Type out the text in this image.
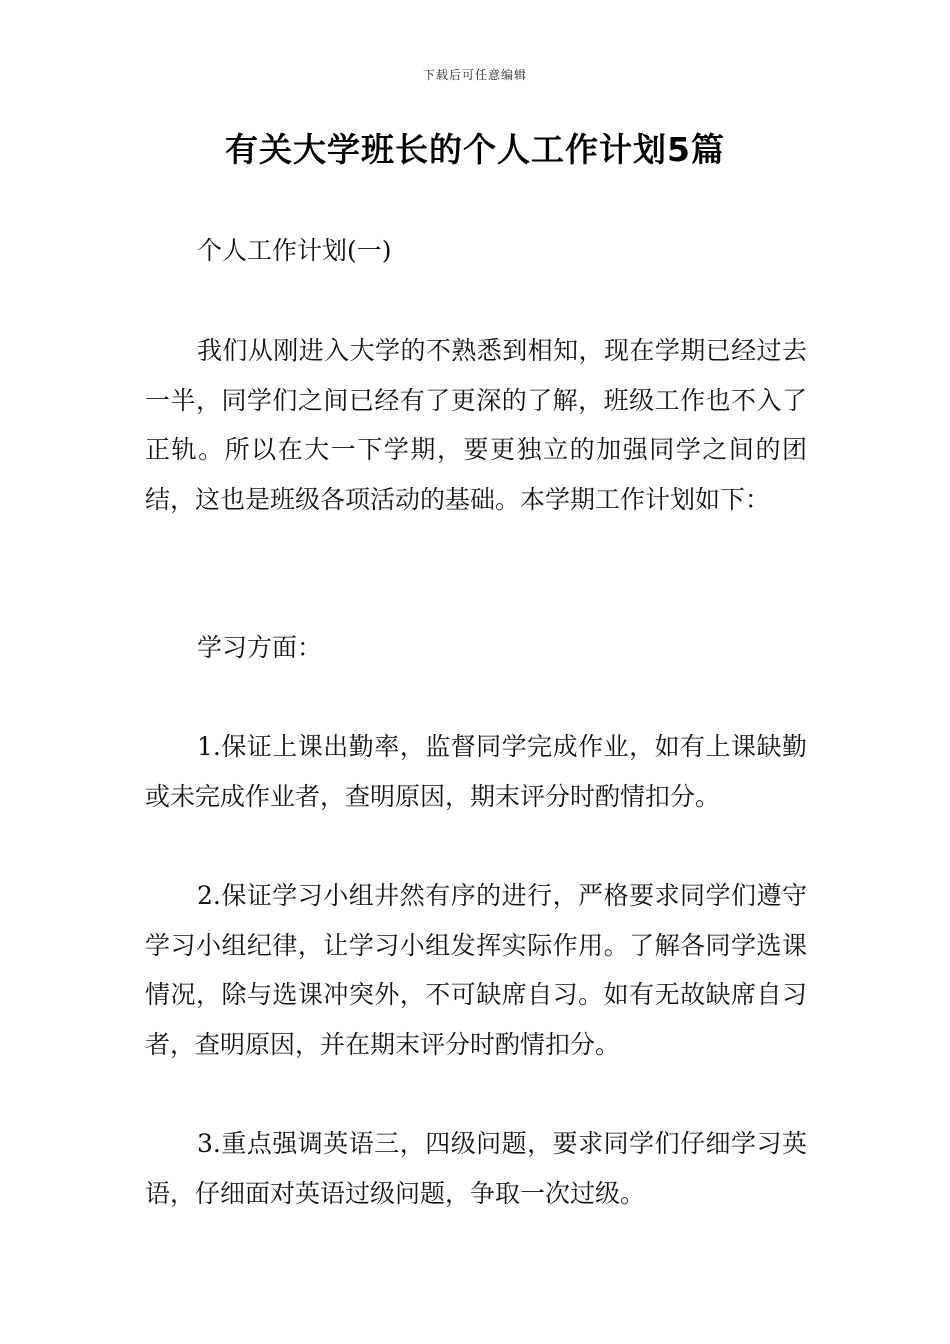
下载后可任意编辑
有关大学班长的个人工作计划5篇

个人工作计划(一)

我们从刚进入大学的不熟悉到相知，现在学期已经过去一半，同学们之间已经有了更深的了解，班级工作也不入了正轨。所以在大一下学期，要更独立的加强同学之间的团结，这也是班级各项活动的基础。本学期工作计划如下：

学习方面：

1.保证上课出勤率，监督同学完成作业，如有上课缺勤或未完成作业者，查明原因，期末评分时酌情扣分。

2.保证学习小组井然有序的进行，严格要求同学们遵守学习小组纪律，让学习小组发挥实际作用。了解各同学选课情况，除与选课冲突外，不可缺席自习。如有无故缺席自习者，查明原因，并在期末评分时酌情扣分。

3.重点强调英语三，四级问题，要求同学们仔细学习英语，仔细面对英语过级问题，争取一次过级。
